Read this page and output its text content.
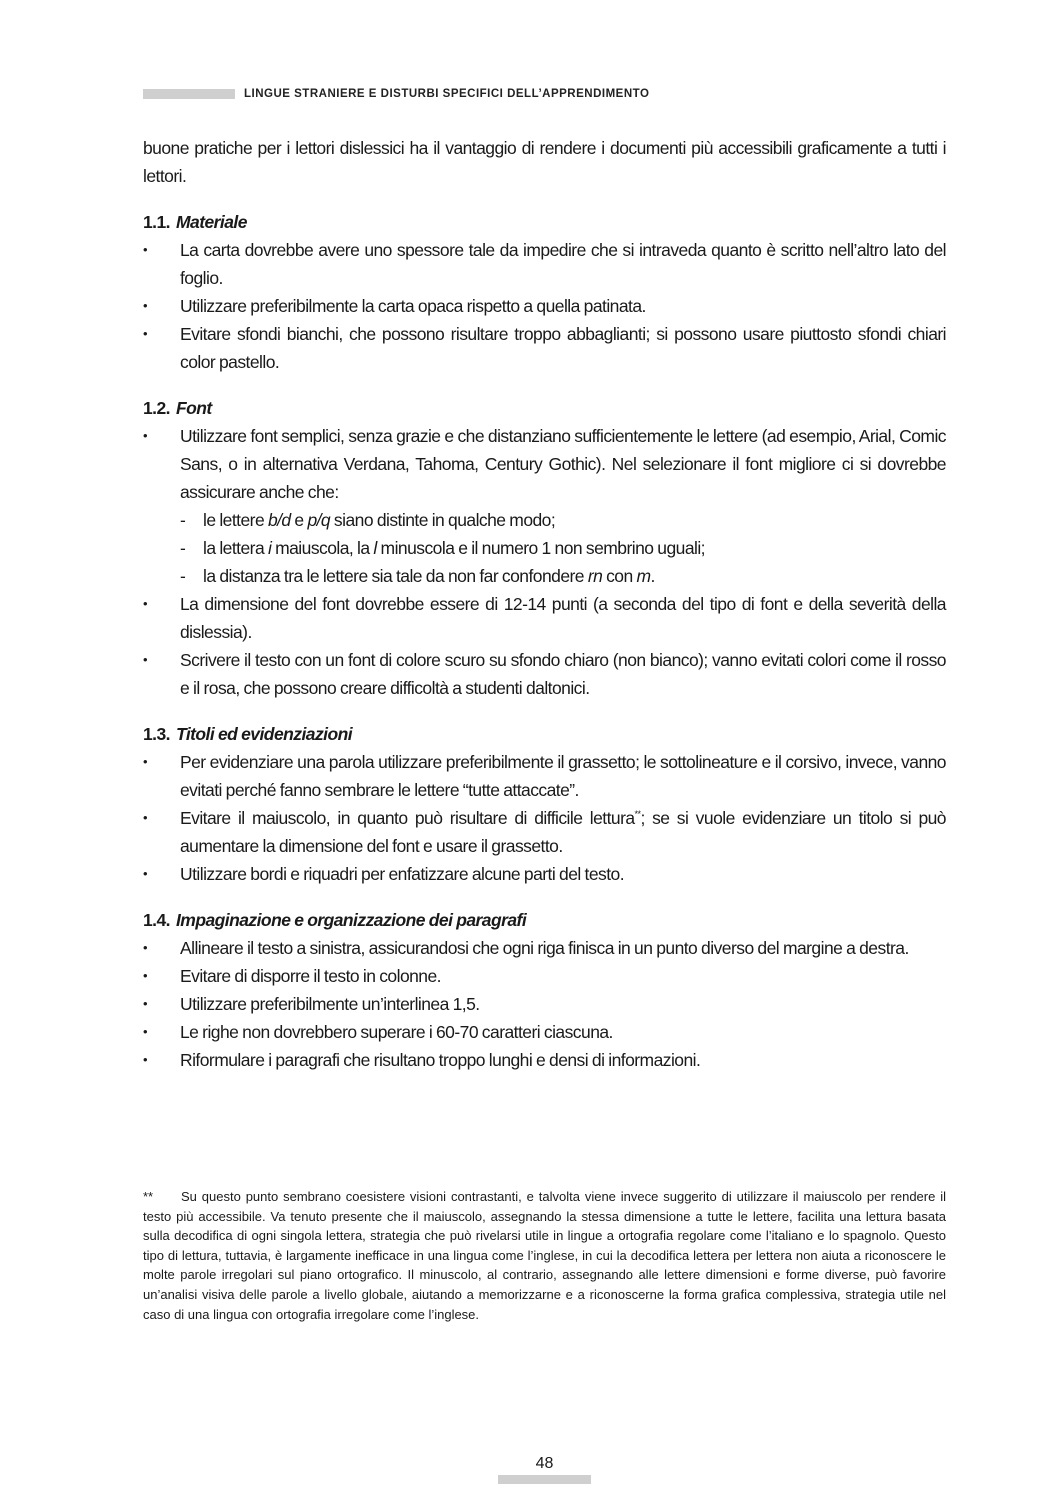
LINGUE STRANIERE E DISTURBI SPECIFICI DELL’APPRENDIMENTO

buone pratiche per i lettori dislessici ha il vantaggio di rendere i documenti più accessibili graficamente a tutti i lettori.

1.1. Materiale
• La carta dovrebbe avere uno spessore tale da impedire che si intraveda quanto è scritto nell’altro lato del foglio.
• Utilizzare preferibilmente la carta opaca rispetto a quella patinata.
• Evitare sfondi bianchi, che possono risultare troppo abbaglianti; si possono usare piuttosto sfondi chiari color pastello.
1.2. Font
• Utilizzare font semplici, senza grazie e che distanziano sufficientemente le lettere (ad esempio, Arial, Comic Sans, o in alternativa Verdana, Tahoma, Century Gothic). Nel selezionare il font migliore ci si dovrebbe assicurare anche che:
- le lettere b/d e p/q siano distinte in qualche modo;
- la lettera i maiuscola, la l minuscola e il numero 1 non sembrino uguali;
- la distanza tra le lettere sia tale da non far confondere rn con m.
• La dimensione del font dovrebbe essere di 12-14 punti (a seconda del tipo di font e della severità della dislessia).
• Scrivere il testo con un font di colore scuro su sfondo chiaro (non bianco); vanno evitati colori come il rosso e il rosa, che possono creare difficoltà a studenti daltonici.
1.3. Titoli ed evidenziazioni
• Per evidenziare una parola utilizzare preferibilmente il grassetto; le sottolineature e il corsivo, invece, vanno evitati perché fanno sembrare le lettere “tutte attaccate”.
• Evitare il maiuscolo, in quanto può risultare di difficile lettura**; se si vuole evidenziare un titolo si può aumentare la dimensione del font e usare il grassetto.
• Utilizzare bordi e riquadri per enfatizzare alcune parti del testo.
1.4. Impaginazione e organizzazione dei paragrafi
• Allineare il testo a sinistra, assicurandosi che ogni riga finisca in un punto diverso del margine a destra.
• Evitare di disporre il testo in colonne.
• Utilizzare preferibilmente un’interlinea 1,5.
• Le righe non dovrebbero superare i 60-70 caratteri ciascuna.
• Riformulare i paragrafi che risultano troppo lunghi e densi di informazioni.
** Su questo punto sembrano coesistere visioni contrastanti, e talvolta viene invece suggerito di utilizzare il maiuscolo per rendere il testo più accessibile. Va tenuto presente che il maiuscolo, assegnando la stessa dimensione a tutte le lettere, facilita una lettura basata sulla decodifica di ogni singola lettera, strategia che può rivelarsi utile in lingue a ortografia regolare come l’italiano e lo spagnolo. Questo tipo di lettura, tuttavia, è largamente inefficace in una lingua come l’inglese, in cui la decodifica lettera per lettera non aiuta a riconoscere le molte parole irregolari sul piano ortografico. Il minuscolo, al contrario, assegnando alle lettere dimensioni e forme diverse, può favorire un’analisi visiva delle parole a livello globale, aiutando a memorizzarne e a riconoscerne la forma grafica complessiva, strategia utile nel caso di una lingua con ortografia irregolare come l’inglese.
48
